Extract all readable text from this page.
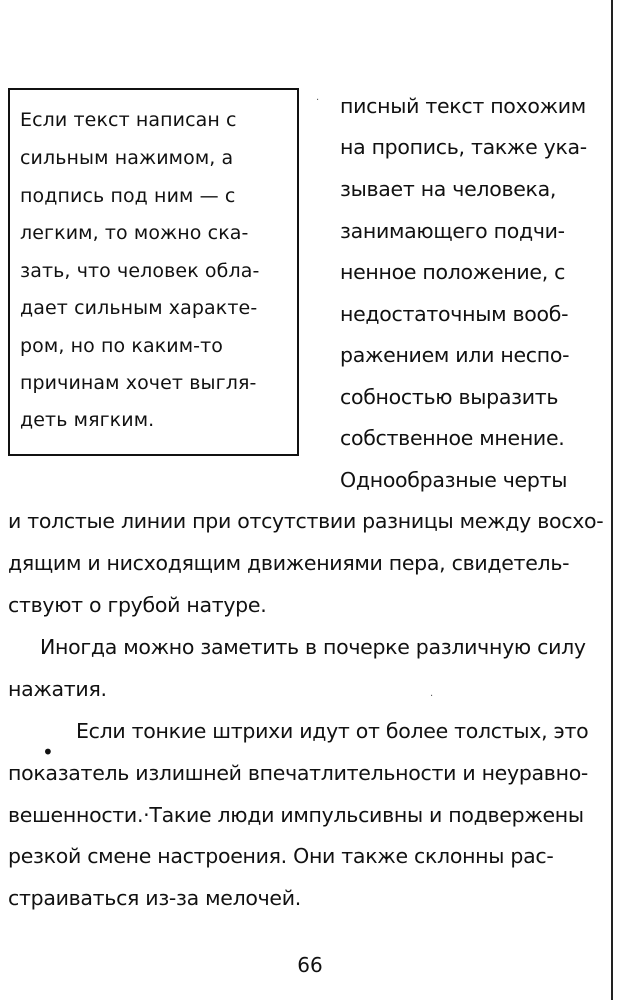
Если текст написан с

сильным нажимом, а

подпись под ним — с

легким, то можно ска-

зать, что человек обла-

дает сильным характе-

ром, но по каким-то

причинам хочет выгля-

деть мягким.

· писный текст похожим

на пропись, также ука-

зывает на человека,

занимающего подчи-

ненное положение, с

недостаточным вооб-

ражением или неспо-

собностью выразить

собственное мнение.

Однообразные черты

и толстые линии при отсутствии разницы между восхо-

дящим и нисходящим движениями пера, свидетель-

ствуют о грубой натуре.

Иногда можно заметить в почерке различную силу

нажатия.	·
•

Если тонкие штрихи идут от более толстых, это

показатель излишней впечатлительности и неуравно-

вешенности.·Такие люди импульсивны и подвержены

резкой смене настроения. Они также склонны рас-

страиваться из-за мелочей.

66
